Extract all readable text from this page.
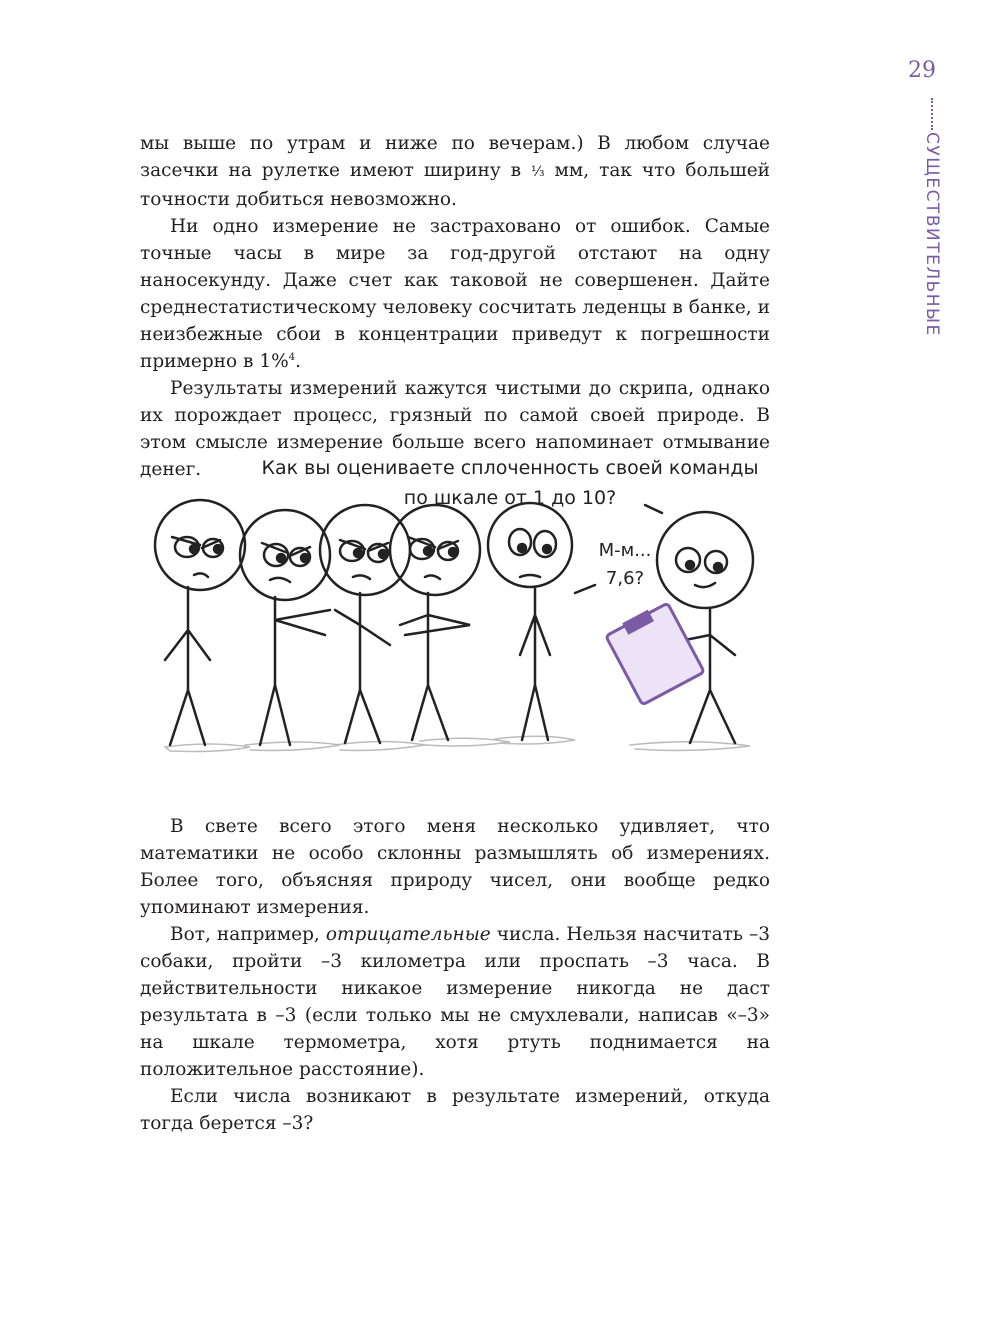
29
СУЩЕСТВИТЕЛЬНЫЕ

мы выше по утрам и ниже по вечерам.) В любом случае засечки на рулетке имеют ширину в ⅓ мм, так что большей точности добиться невозможно.

Ни одно измерение не застраховано от ошибок. Самые точные часы в мире за год-другой отстают на одну наносекунду. Даже счет как таковой не совершенен. Дайте среднестатистическому человеку сосчитать леденцы в банке, и неизбежные сбои в концентрации приведут к погрешности примерно в 1%$^4$.

Результаты измерений кажутся чистыми до скрипа, однако их порождает процесс, грязный по самой своей природе. В этом смысле измерение больше всего напоминает отмывание денег.	Как вы оцениваете сплоченность своей команды
по шкале от 1 до 10?
М-м...
7,6?

В свете всего этого меня несколько удивляет, что математики не особо склонны размышлять об измерениях. Более того, объясняя природу чисел, они вообще редко упоминают измерения.

Вот, например, отрицательные числа. Нельзя насчитать –3 собаки, пройти –3 километра или проспать –3 часа. В действительности никакое измерение никогда не даст результата в –3 (если только мы не смухлевали, написав «–3» на шкале термометра, хотя ртуть поднимается на положительное расстояние).

Если числа возникают в результате измерений, откуда тогда берется –3?
